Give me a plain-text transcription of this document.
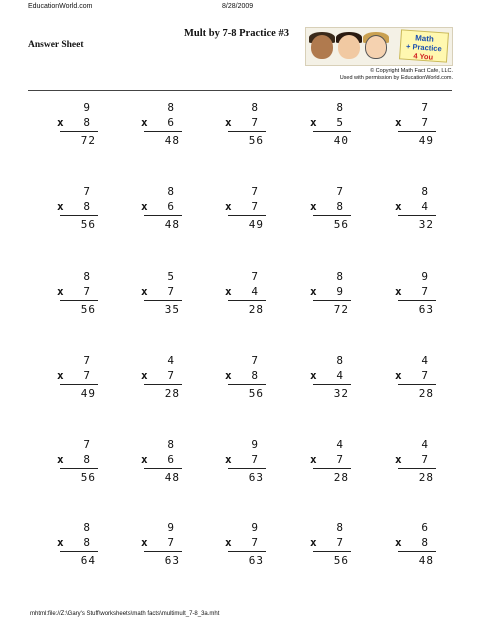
EducationWorld.com	8/28/2009
Mult by 7-8 Practice #3
Answer Sheet
Math
+ Practice
4 You
© Copyright Math Fact Cafe, LLC.
Used with permission by EducationWorld.com.
9
x 8
72
8
x 6
48
8
x 7
56
8
x 5
40
7
x 7
49
7
x 8
56
8
x 6
48
7
x 7
49
7
x 8
56
8
x 4
32
8
x 7
56
5
x 7
35
7
x 4
28
8
x 9
72
9
x 7
63
7
x 7
49
4
x 7
28
7
x 8
56
8
x 4
32
4
x 7
28
7
x 8
56
8
x 6
48
9
x 7
63
4
x 7
28
4
x 7
28
8
x 8
64
9
x 7
63
9
x 7
63
8
x 7
56
6
x 8
48
mhtml:file://Z:\Gary's Stuff\worksheets\math facts\multimult_7-8_3a.mht
